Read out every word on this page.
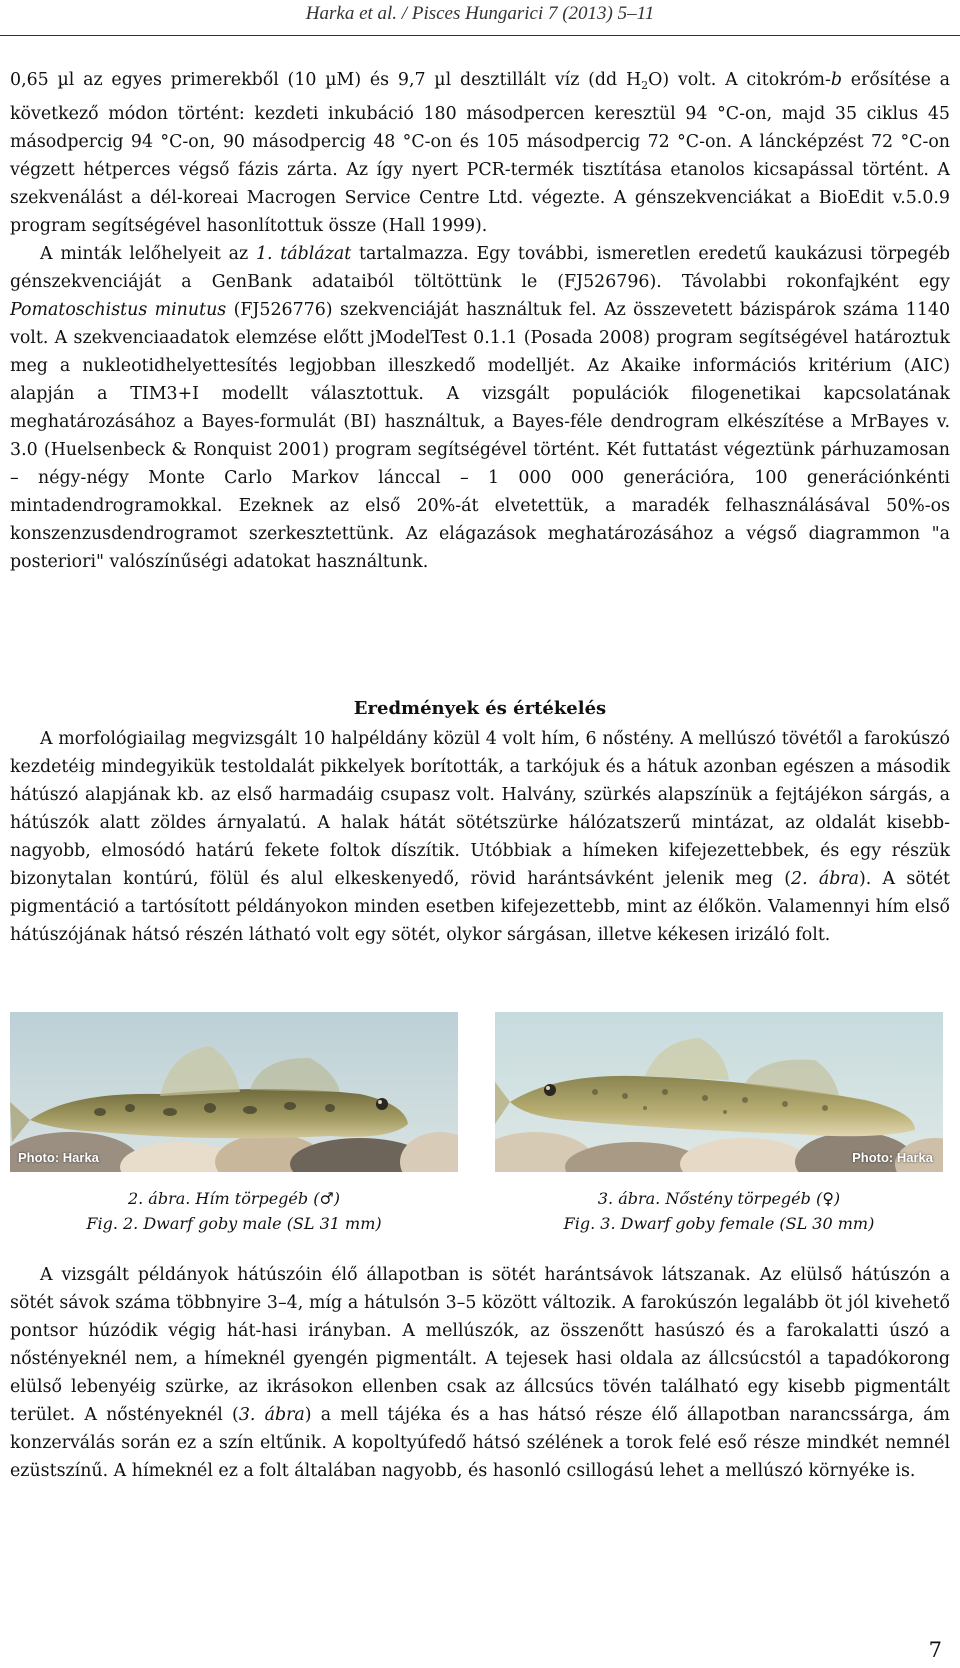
Harka et al. / Pisces Hungarici 7 (2013) 5–11

0,65 µl az egyes primerekből (10 µM) és 9,7 µl desztillált víz (dd $H_2O$) volt. A citokróm-b erősítése a következő módon történt: kezdeti inkubáció 180 másodpercen keresztül 94 °C-on, majd 35 ciklus 45 másodpercig 94 °C-on, 90 másodpercig 48 °C-on és 105 másodpercig 72 °C-on. A láncképzést 72 °C-on végzett hétperces végső fázis zárta. Az így nyert PCR-termék tisztítása etanolos kicsapással történt. A szekvenálást a dél-koreai Macrogen Service Centre Ltd. végezte. A génszekvenciákat a BioEdit v.5.0.9 program segítségével hasonlítottuk össze (Hall 1999).

A minták lelőhelyeit az 1. táblázat tartalmazza. Egy további, ismeretlen eredetű kaukázusi törpegéb génszekvenciáját a GenBank adataiból töltöttünk le (FJ526796). Távolabbi rokonfajként egy Pomatoschistus minutus (FJ526776) szekvenciáját használtuk fel. Az összevetett bázispárok száma 1140 volt. A szekvenciaadatok elemzése előtt jModelTest 0.1.1 (Posada 2008) program segítségével határoztuk meg a nukleotidhelyettesítés legjobban illeszkedő modelljét. Az Akaike információs kritérium (AIC) alapján a TIM3+I modellt választottuk. A vizsgált populációk filogenetikai kapcsolatának meghatározásához a Bayes-formulát (BI) használtuk, a Bayes-féle dendrogram elkészítése a MrBayes v. 3.0 (Huelsenbeck & Ronquist 2001) program segítségével történt. Két futtatást végeztünk párhuzamosan – négy-négy Monte Carlo Markov lánccal – 1 000 000 generációra, 100 generációnkénti mintadendrogramokkal. Ezeknek az első 20%-át elvetettük, a maradék felhasználásával 50%-os konszenzusdendrogramot szerkesztettünk. Az elágazások meghatározásához a végső diagrammon "a posteriori" valószínűségi adatokat használtunk.

Eredmények és értékelés

A morfológiailag megvizsgált 10 halpéldány közül 4 volt hím, 6 nőstény. A mellúszó tövétől a farokúszó kezdetéig mindegyikük testoldalát pikkelyek borították, a tarkójuk és a hátuk azonban egészen a második hátúszó alapjának kb. az első harmadáig csupasz volt. Halvány, szürkés alapszínük a fejtájékon sárgás, a hátúszók alatt zöldes árnyalatú. A halak hátát sötétszürke hálózatszerű mintázat, az oldalát kisebb-nagyobb, elmosódó határú fekete foltok díszítik. Utóbbiak a hímeken kifejezettebbek, és egy részük bizonytalan kontúrú, fölül és alul elkeskenyedő, rövid harántsávként jelenik meg (2. ábra). A sötét pigmentáció a tartósított példányokon minden esetben kifejezettebb, mint az élőkön. Valamennyi hím első hátúszójának hátsó részén látható volt egy sötét, olykor sárgásan, illetve kékesen irizáló folt.

Photo: Harka	Photo: Harka
2. ábra. Hím törpegéb (♂)
Fig. 2. Dwarf goby male (SL 31 mm)
3. ábra. Nőstény törpegéb (♀)
Fig. 3. Dwarf goby female (SL 30 mm)

A vizsgált példányok hátúszóin élő állapotban is sötét harántsávok látszanak. Az elülső hátúszón a sötét sávok száma többnyire 3–4, míg a hátulsón 3–5 között változik. A farokúszón legalább öt jól kivehető pontsor húzódik végig hát-hasi irányban. A mellúszók, az összenőtt hasúszó és a farokalatti úszó a nőstényeknél nem, a hímeknél gyengén pigmentált. A tejesek hasi oldala az állcsúcstól a tapadókorong elülső lebenyéig szürke, az ikrásokon ellenben csak az állcsúcs tövén található egy kisebb pigmentált terület. A nőstényeknél (3. ábra) a mell tájéka és a has hátsó része élő állapotban narancssárga, ám konzerválás során ez a szín eltűnik. A kopoltyúfedő hátsó szélének a torok felé eső része mindkét nemnél ezüstszínű. A hímeknél ez a folt általában nagyobb, és hasonló csillogású lehet a mellúszó környéke is.

7
